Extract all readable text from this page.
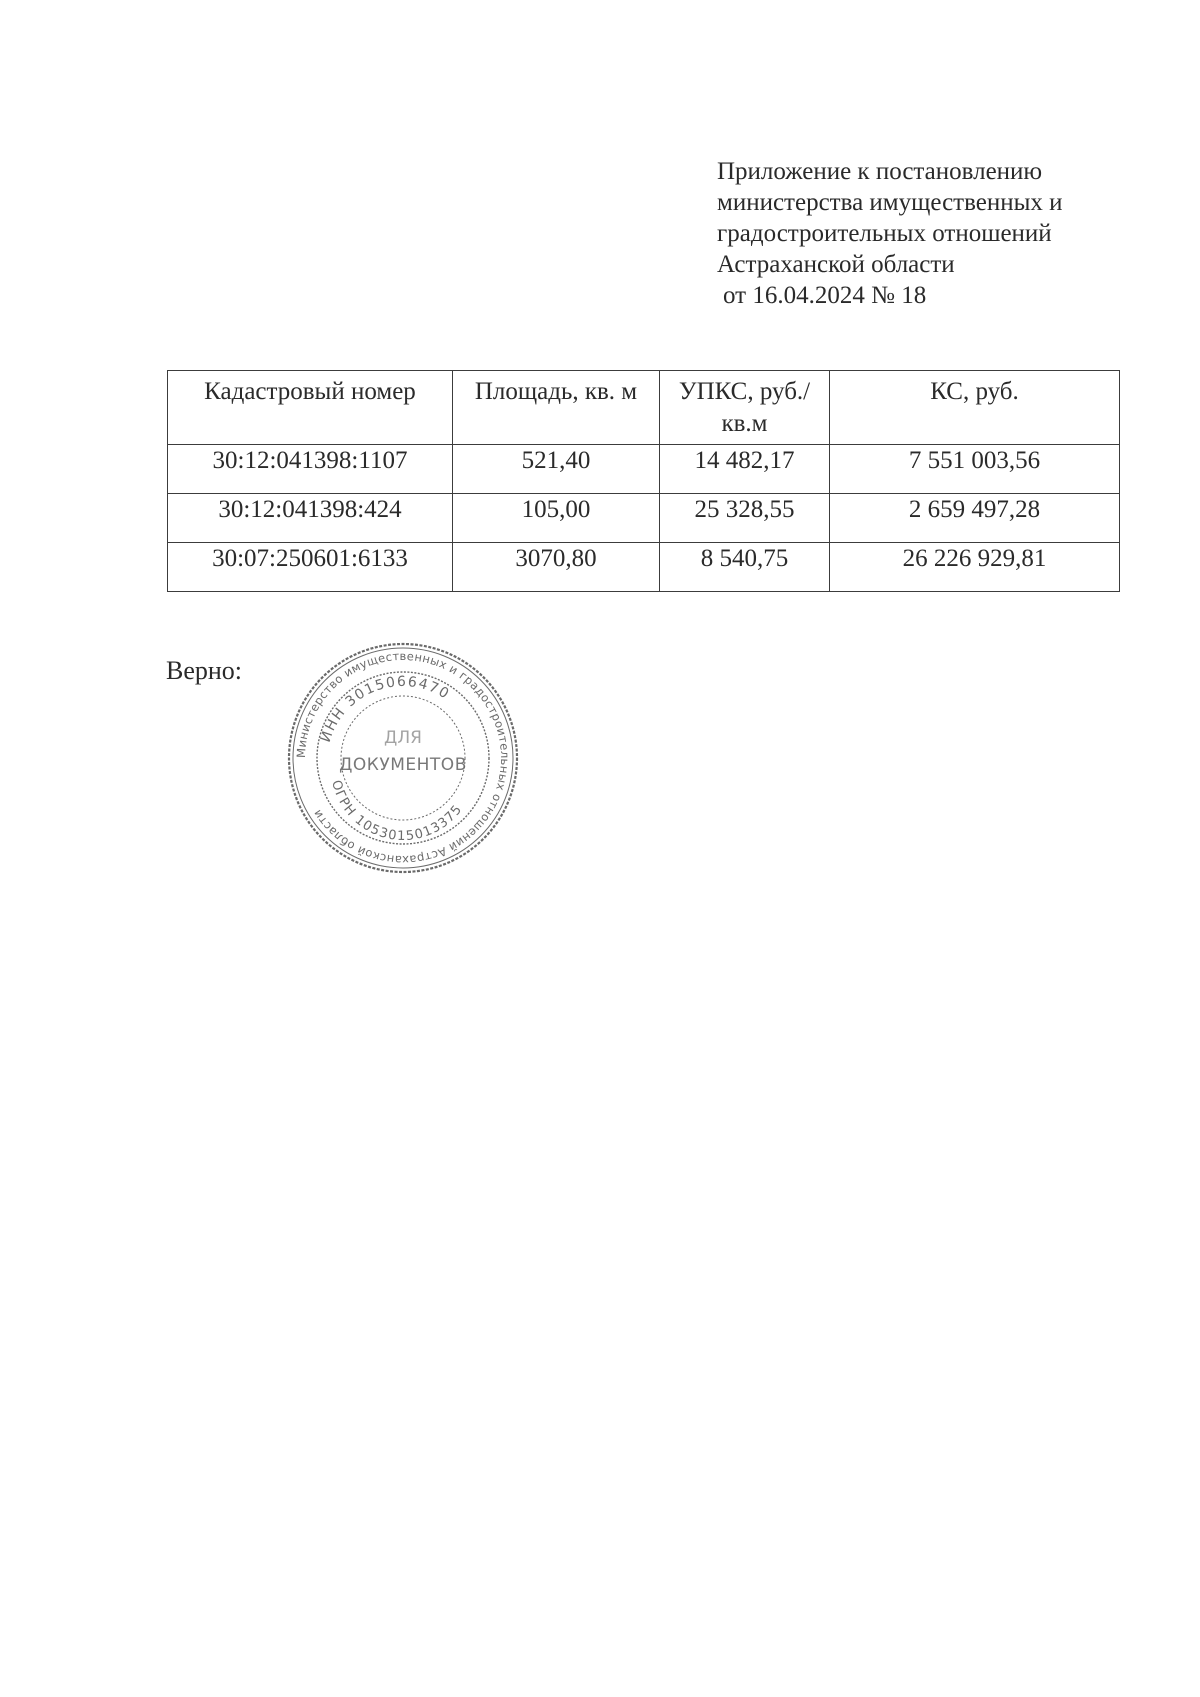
Приложение к постановлению
министерства имущественных и
градостроительных отношений
Астраханской области
от 16.04.2024 № 18
Кадастровый номер	Площадь, кв. м	УПКС, руб./кв.м	КС, руб.
30:12:041398:1107	521,40	14 482,17	7 551 003,56
30:12:041398:424	105,00	25 328,55	2 659 497,28
30:07:250601:6133	3070,80	8 540,75	26 226 929,81
Верно:
Министерство имущественных и градостроительных отношений Астраханской области
ИНН 3015066470
ОГРН 1053015013375
ДЛЯ
ДОКУМЕНТОВ
